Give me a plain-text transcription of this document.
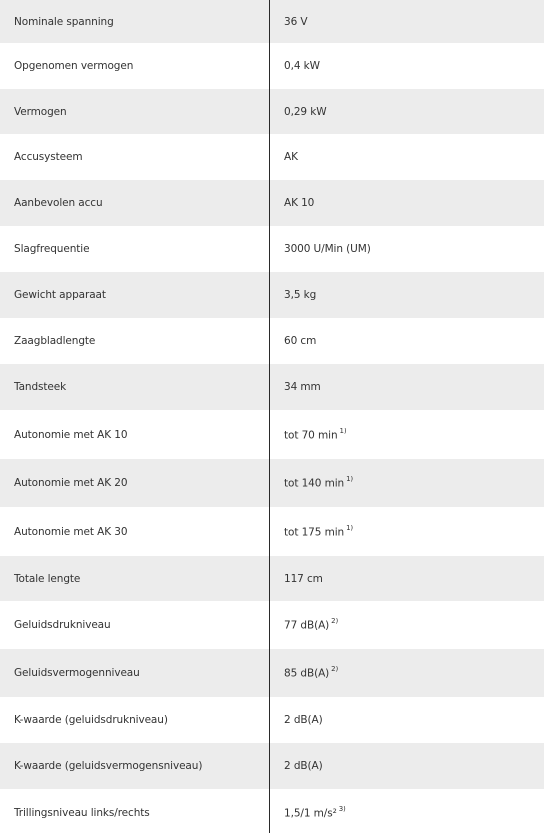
Nominale spanning	36 V
Opgenomen vermogen	0,4 kW
Vermogen	0,29 kW
Accusysteem	AK
Aanbevolen accu	AK 10
Slagfrequentie	3000 U/Min (UM)
Gewicht apparaat	3,5 kg
Zaagbladlengte	60 cm
Tandsteek	34 mm
Autonomie met AK 10	tot 70 min $^{1)}$
Autonomie met AK 20	tot 140 min $^{1)}$
Autonomie met AK 30	tot 175 min $^{1)}$
Totale lengte	117 cm
Geluidsdrukniveau	77 dB(A) $^{2)}$
Geluidsvermogenniveau	85 dB(A) $^{2)}$
K-waarde (geluidsdrukniveau)	2 dB(A)
K-waarde (geluidsvermogensniveau)	2 dB(A)
Trillingsniveau links/rechts	1,5/1 m/s² $^{3)}$
